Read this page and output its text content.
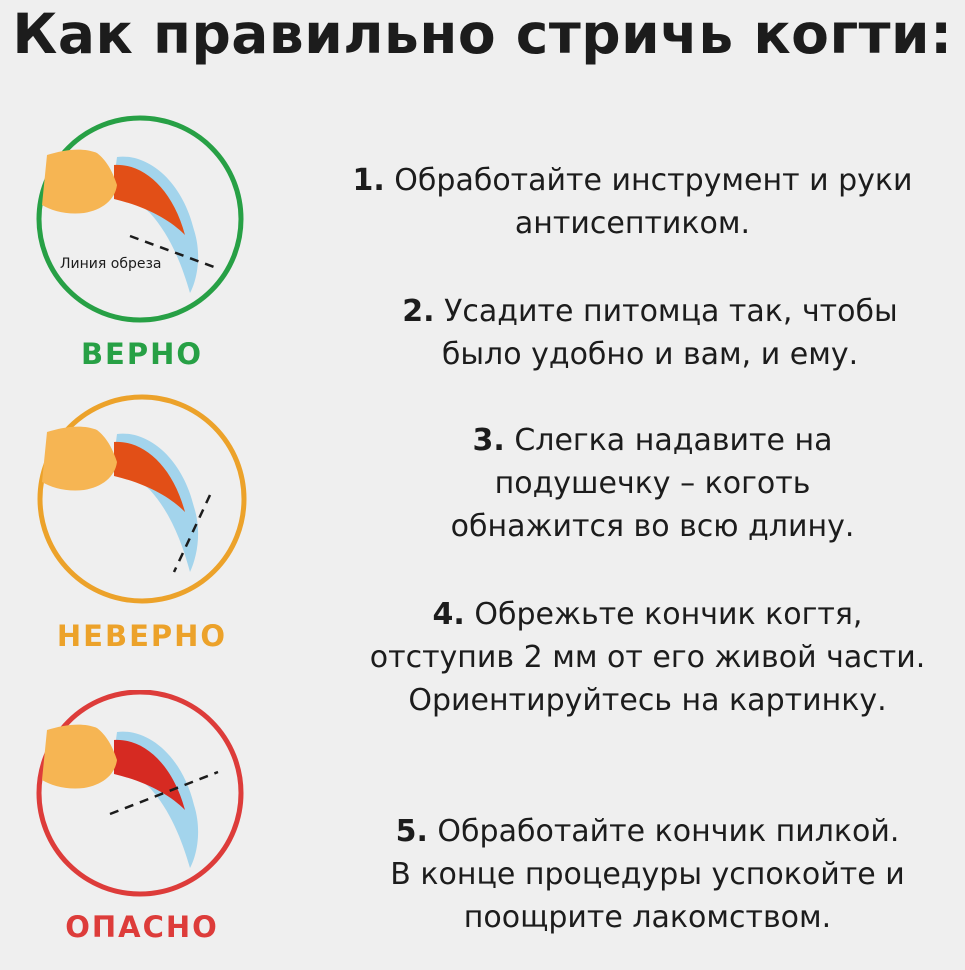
Как правильно стричь когти:
Линия обреза
ВЕРНО
НЕВЕРНО
ОПАСНО
1. Обработайте инструмент и руки
антисептиком.
2. Усадите питомца так, чтобы
было удобно и вам, и ему.
3. Слегка надавите на
подушечку – коготь
обнажится во всю длину.
4. Обрежьте кончик когтя,
отступив 2 мм от его живой части.
Ориентируйтесь на картинку.
5. Обработайте кончик пилкой.
В конце процедуры успокойте и
поощрите лакомством.
